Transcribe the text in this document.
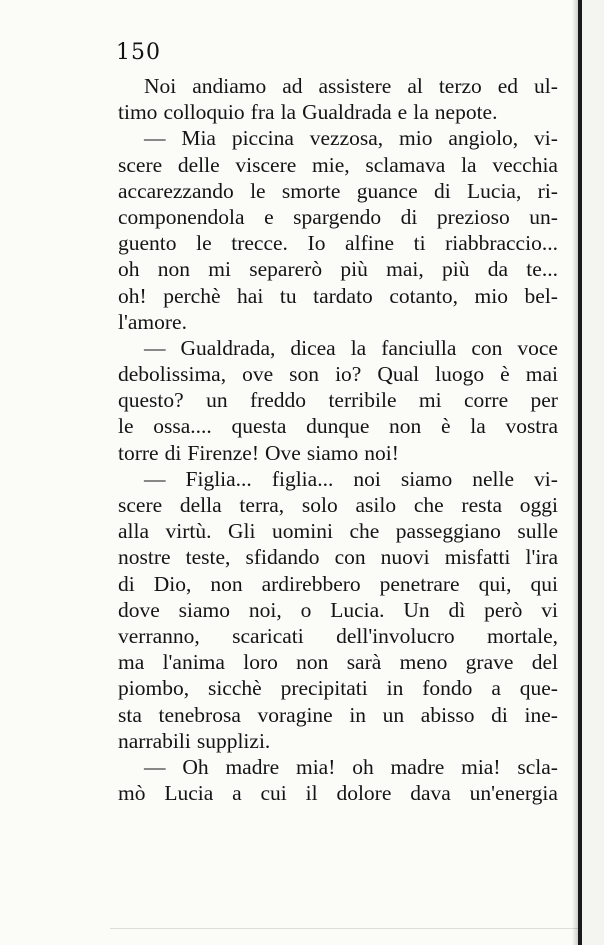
150
Noi andiamo ad assistere al terzo ed ul-
timo colloquio fra la Gualdrada e la nepote.
— Mia piccina vezzosa, mio angiolo, vi-
scere delle viscere mie, sclamava la vecchia
accarezzando le smorte guance di Lucia, ri-
componendola e spargendo di prezioso un-
guento le trecce. Io alfine ti riabbraccio...
oh non mi separerò più mai, più da te...
oh! perchè hai tu tardato cotanto, mio bel-
l'amore.
— Gualdrada, dicea la fanciulla con voce
debolissima, ove son io? Qual luogo è mai
questo? un freddo terribile mi corre per
le ossa.... questa dunque non è la vostra
torre di Firenze! Ove siamo noi!
— Figlia... figlia... noi siamo nelle vi-
scere della terra, solo asilo che resta oggi
alla virtù. Gli uomini che passeggiano sulle
nostre teste, sfidando con nuovi misfatti l'ira
di Dio, non ardirebbero penetrare qui, qui
dove siamo noi, o Lucia. Un dì però vi
verranno, scaricati dell'involucro mortale,
ma l'anima loro non sarà meno grave del
piombo, sicchè precipitati in fondo a que-
sta tenebrosa voragine in un abisso di ine-
narrabili supplizi.
— Oh madre mia! oh madre mia! scla-
mò Lucia a cui il dolore dava un'energia
